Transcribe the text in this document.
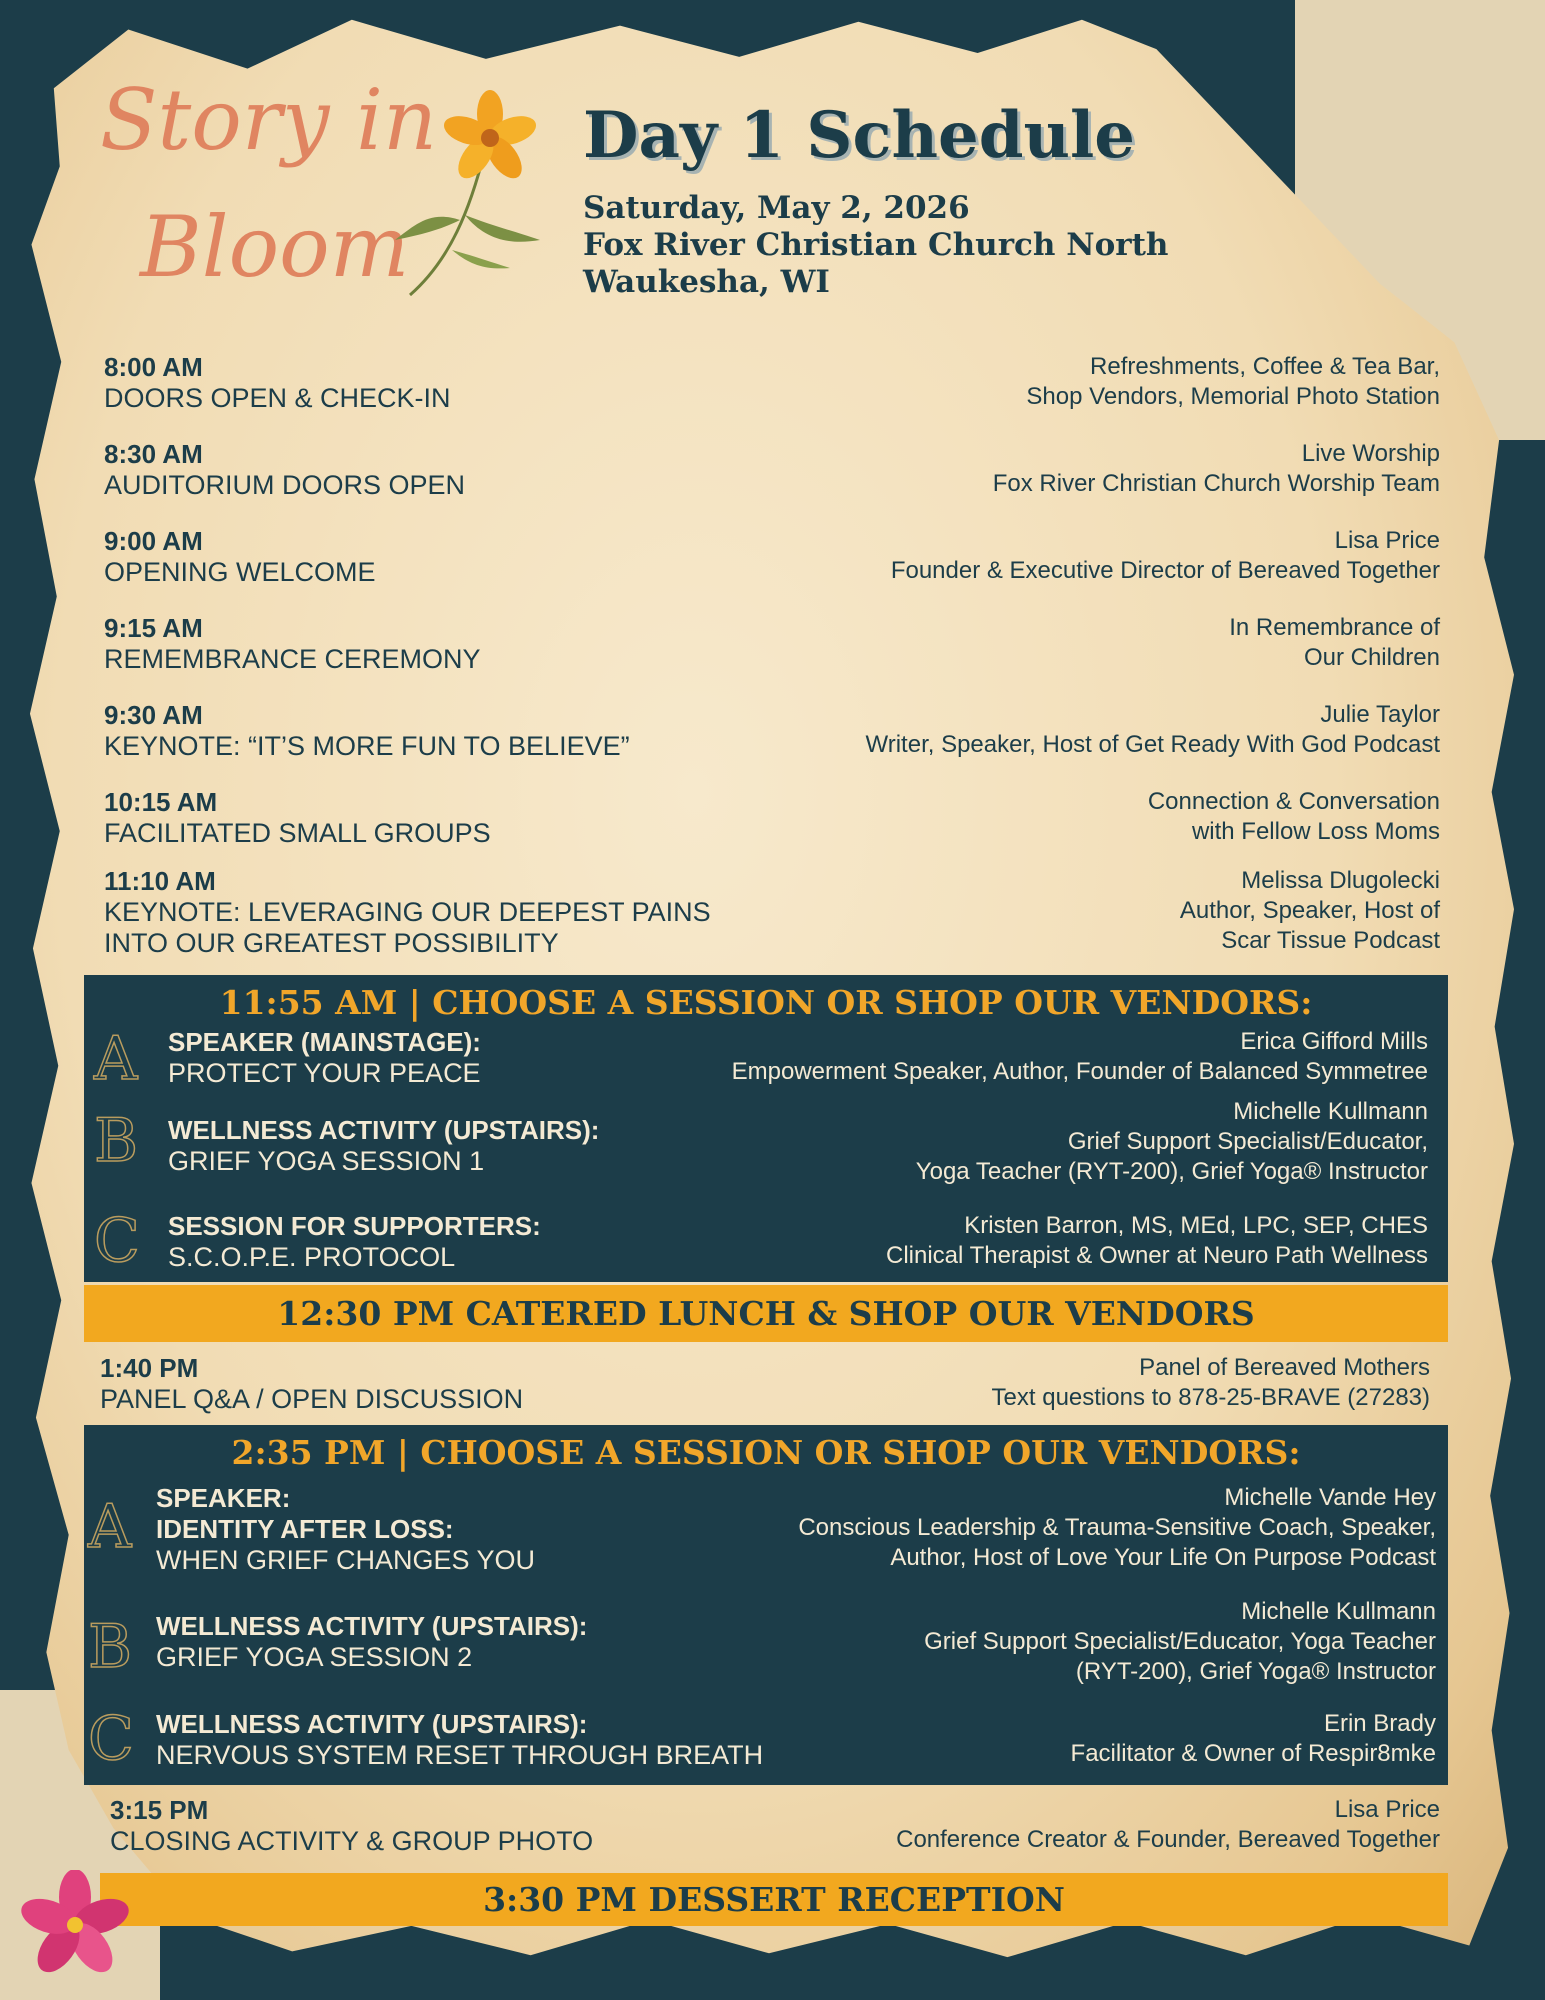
Story in
Bloom
Day 1 Schedule
Saturday, May 2, 2026
Fox River Christian Church North
Waukesha, WI
8:00 AM
DOORS OPEN & CHECK-IN
Refreshments, Coffee & Tea Bar,
Shop Vendors, Memorial Photo Station
8:30 AM
AUDITORIUM DOORS OPEN
Live Worship
Fox River Christian Church Worship Team
9:00 AM
OPENING WELCOME
Lisa Price
Founder & Executive Director of Bereaved Together
9:15 AM
REMEMBRANCE CEREMONY
In Remembrance of
Our Children
9:30 AM
KEYNOTE: “IT’S MORE FUN TO BELIEVE”
Julie Taylor
Writer, Speaker, Host of Get Ready With God Podcast
10:15 AM
FACILITATED SMALL GROUPS
Connection & Conversation
with Fellow Loss Moms
11:10 AM
KEYNOTE: LEVERAGING OUR DEEPEST PAINS
INTO OUR GREATEST POSSIBILITY
Melissa Dlugolecki
Author, Speaker, Host of
Scar Tissue Podcast
11:55 AM | CHOOSE A SESSION OR SHOP OUR VENDORS:
A SPEAKER (MAINSTAGE):
PROTECT YOUR PEACE
Erica Gifford Mills
Empowerment Speaker, Author, Founder of Balanced Symmetree
B WELLNESS ACTIVITY (UPSTAIRS):
GRIEF YOGA SESSION 1
Michelle Kullmann
Grief Support Specialist/Educator,
Yoga Teacher (RYT-200), Grief Yoga® Instructor
C SESSION FOR SUPPORTERS:
S.C.O.P.E. PROTOCOL
Kristen Barron, MS, MEd, LPC, SEP, CHES
Clinical Therapist & Owner at Neuro Path Wellness
12:30 PM CATERED LUNCH & SHOP OUR VENDORS
1:40 PM
PANEL Q&A / OPEN DISCUSSION
Panel of Bereaved Mothers
Text questions to 878-25-BRAVE (27283)
2:35 PM | CHOOSE A SESSION OR SHOP OUR VENDORS:
A SPEAKER:
IDENTITY AFTER LOSS:
WHEN GRIEF CHANGES YOU
Michelle Vande Hey
Conscious Leadership & Trauma-Sensitive Coach, Speaker,
Author, Host of Love Your Life On Purpose Podcast
B WELLNESS ACTIVITY (UPSTAIRS):
GRIEF YOGA SESSION 2
Michelle Kullmann
Grief Support Specialist/Educator, Yoga Teacher
(RYT-200), Grief Yoga® Instructor
C WELLNESS ACTIVITY (UPSTAIRS):
NERVOUS SYSTEM RESET THROUGH BREATH
Erin Brady
Facilitator & Owner of Respir8mke
3:15 PM
CLOSING ACTIVITY & GROUP PHOTO
Lisa Price
Conference Creator & Founder, Bereaved Together
3:30 PM DESSERT RECEPTION
